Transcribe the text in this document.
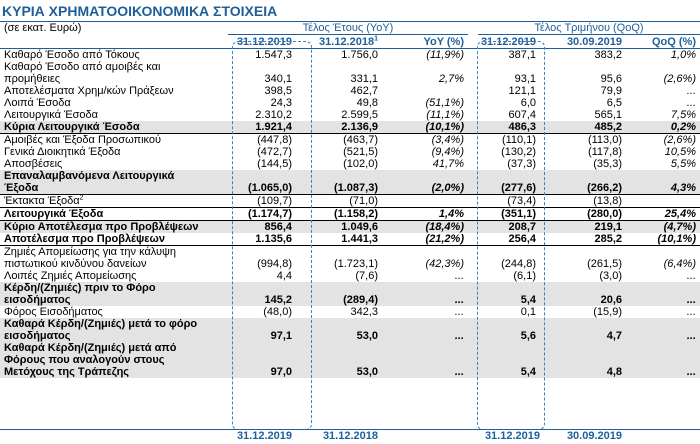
ΚΥΡΙΑ ΧΡΗΜΑΤΟΟΙΚΟΝΟΜΙΚΑ ΣΤΟΙΧΕΙΑ
(σε εκατ. Ευρώ)	Τέλος Έτους (YoY)	Τέλος Τριμήνου (QoQ)
	31.12.2019	31.12.2018$^1$	YoY (%)	31.12.2019	30.09.2019	QoQ (%)
Καθαρό Έσοδο από Τόκους	1.547,3	1.756,0	(11,9%)	387,1	383,2	1,0%
Καθαρό Έσοδο από αμοιβές και προμήθειες	340,1	331,1	2,7%	93,1	95,6	(2,6%)
Αποτελέσματα Χρημ/κών Πράξεων	398,5	462,7		121,1	79,9	...
Λοιπά Έσοδα	24,3	49,8	(51,1%)	6,0	6,5	...
Λειτουργικά Έσοδα	2.310,2	2.599,5	(11,1%)	607,4	565,1	7,5%
Κύρια Λειτουργικά Έσοδα	1.921,4	2.136,9	(10,1%)	486,3	485,2	0,2%
Αμοιβές και Έξοδα Προσωπικού	(447,8)	(463,7)	(3,4%)	(110,1)	(113,0)	(2,6%)
Γενικά Διοικητικά Έξοδα	(472,7)	(521,5)	(9,4%)	(130,2)	(117,8)	10,5%
Αποσβέσεις	(144,5)	(102,0)	41,7%	(37,3)	(35,3)	5,5%
Επαναλαμβανόμενα Λειτουργικά Έξοδα	(1.065,0)	(1.087,3)	(2,0%)	(277,6)	(266,2)	4,3%
Έκτακτα Έξοδα$^2$	(109,7)	(71,0)		(73,4)	(13,8)	
Λειτουργικά Έξοδα	(1.174,7)	(1.158,2)	1,4%	(351,1)	(280,0)	25,4%
Κύριο Αποτέλεσμα προ Προβλέψεων	856,4	1.049,6	(18,4%)	208,7	219,1	(4,7%)
Αποτέλεσμα προ Προβλέψεων	1.135,6	1.441,3	(21,2%)	256,4	285,2	(10,1%)
Ζημιές Απομείωσης για την κάλυψη πιστωτικού κινδύνου δανείων	(994,8)	(1.723,1)	(42,3%)	(244,8)	(261,5)	(6,4%)
Λοιπές Ζημιές Απομείωσης	4,4	(7,6)	...	(6,1)	(3,0)	...
Κέρδη/(Ζημιές) πριν το Φόρο εισοδήματος	145,2	(289,4)	...	5,4	20,6	...
Φόρος Εισοδήματος	(48,0)	342,3	...	0,1	(15,9)	...
Καθαρά Κέρδη/(Ζημιές) μετά το φόρο εισοδήματος	97,1	53,0	...	5,6	4,7	...
Καθαρά Κέρδη/(Ζημιές) μετά από Φόρους που αναλογούν στους Μετόχους της Τράπεζης	97,0	53,0	...	5,4	4,8	...
31.12.2019	31.12.2018	31.12.2019	30.09.2019
